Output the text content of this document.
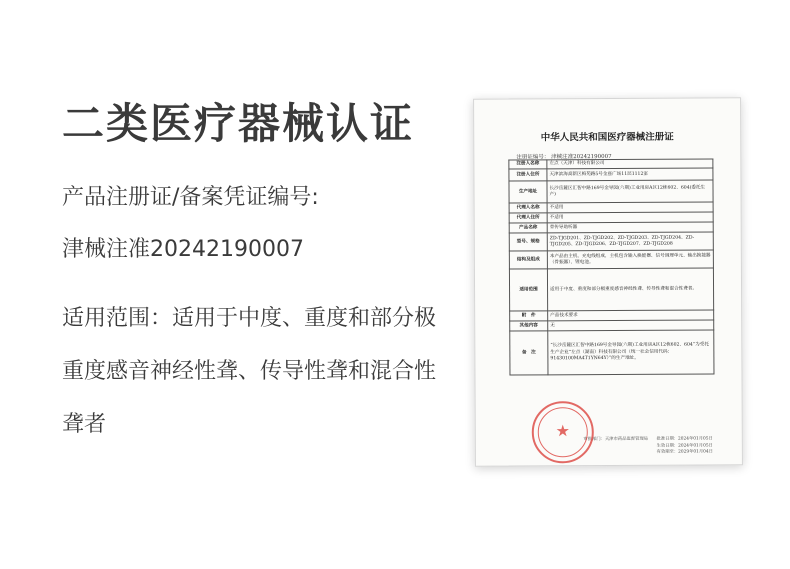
二类医疗器械认证
产品注册证/备案凭证编号:
津械注准20242190007
适用范围：适用于中度、重度和部分极重度感音神经性聋、传导性聋和混合性聋者
中华人民共和国医疗器械注册证
注册证编号： 津械注准20242190007
注册人名称	左点（天津）科技有限公司
注册人住所	天津滨海高新区梅苑路5号金座广场11层1112室
生产地址	长沙岳麓区汇智中路169号金导园(六期)工业用房A区12栋602、604(委托生产)
代理人名称	不适用
代理人住所	不适用
产品名称	骨传导助听器
型号、规格	ZD-TJGD201、ZD-TJGD202、ZD-TJGD203、ZD-TJGD204、ZD-TJGD205、ZD-TJGD206、ZD-TJGD207、ZD-TJGD208
结构及组成	本产品由主机、充电线组成，主机包含输入换能器、信号调理单元、输出换能器（骨振器）、锂电池。
适用范围	适用于中度、重度和部分极重度感音神经性聋、传导性聋和混合性聋者。
附　件	产品技术要求
其他内容	无
备　注	“长沙岳麓区汇智中路169号金导园(六期)工业用房A区12栋602、604”为受托生产企业“左点（湖南）科技有限公司（统一社会信用代码：91430100MA4T1YN64Y）”的生产地址。
审批部门：天津市药品监督管理局　　批准日期：2024年01月05日
生效日期：2024年01月05日
有效期至：2029年01月04日
★
